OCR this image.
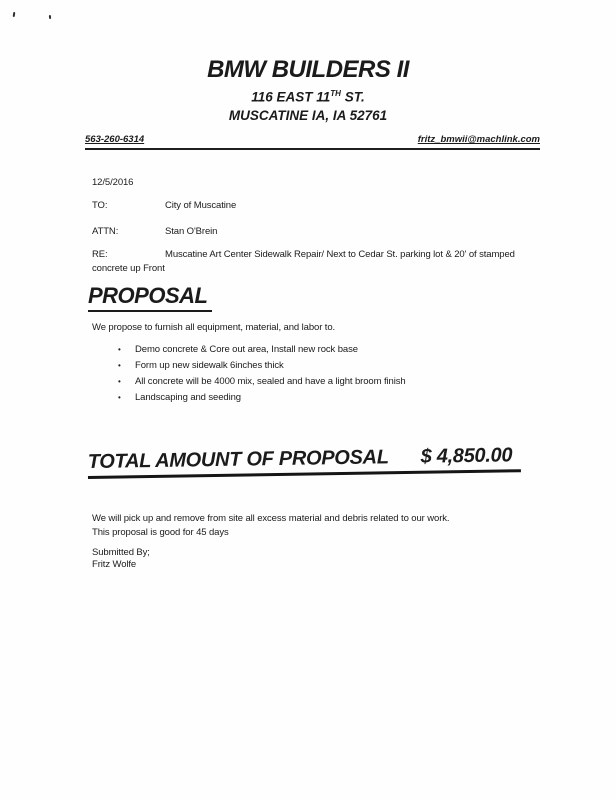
BMW BUILDERS II
116 EAST 11TH ST.
MUSCATINE IA, IA 52761
563-260-6314	fritz_bmwii@machlink.com
12/5/2016
TO:	City of Muscatine
ATTN:	Stan O'Brein
RE:	Muscatine Art Center Sidewalk Repair/ Next to Cedar St. parking lot & 20' of stamped
concrete up Front
PROPOSAL
We propose to furnish all equipment, material, and labor to.
•	Demo concrete & Core out area, Install new rock base
•	Form up new sidewalk 6inches thick
•	All concrete will be 4000 mix, sealed and have a light broom finish
•	Landscaping and seeding
TOTAL AMOUNT OF PROPOSAL $ 4,850.00
We will pick up and remove from site all excess material and debris related to our work.
This proposal is good for 45 days
Submitted By;
Fritz Wolfe
